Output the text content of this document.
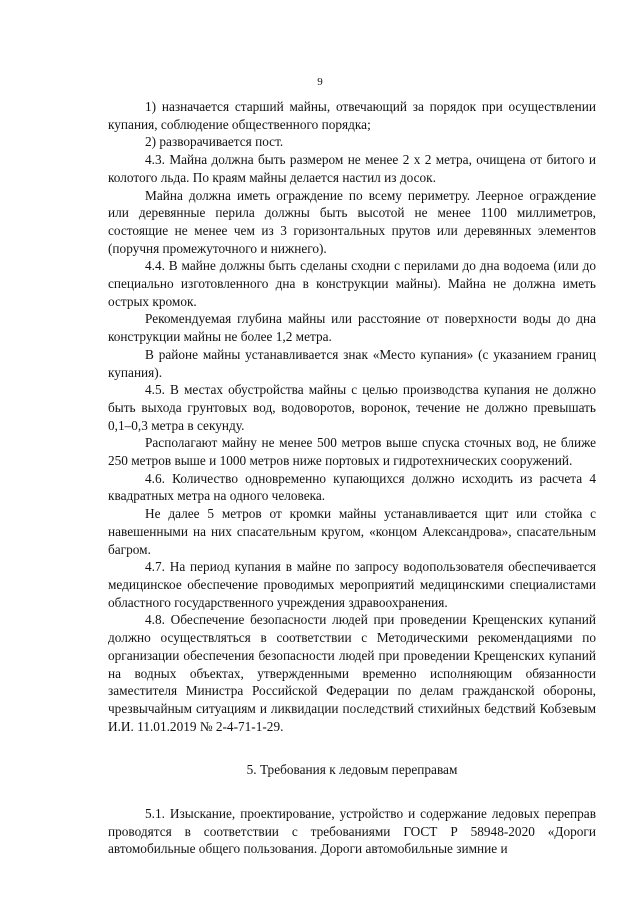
9

1) назначается старший майны, отвечающий за порядок при осуществлении купания, соблюдение общественного порядка;

2) разворачивается пост.

4.3. Майна должна быть размером не менее 2 х 2 метра, очищена от битого и колотого льда. По краям майны делается настил из досок.

Майна должна иметь ограждение по всему периметру. Леерное ограждение или деревянные перила должны быть высотой не менее 1100 миллиметров, состоящие не менее чем из 3 горизонтальных прутов или деревянных элементов (поручня промежуточного и нижнего).

4.4. В майне должны быть сделаны сходни с перилами до дна водоема (или до специально изготовленного дна в конструкции майны). Майна не должна иметь острых кромок.

Рекомендуемая глубина майны или расстояние от поверхности воды до дна конструкции майны не более 1,2 метра.

В районе майны устанавливается знак «Место купания» (с указанием границ купания).

4.5. В местах обустройства майны с целью производства купания не должно быть выхода грунтовых вод, водоворотов, воронок, течение не должно превышать 0,1–0,3 метра в секунду.

Располагают майну не менее 500 метров выше спуска сточных вод, не ближе 250 метров выше и 1000 метров ниже портовых и гидротехнических сооружений.

4.6. Количество одновременно купающихся должно исходить из расчета 4 квадратных метра на одного человека.

Не далее 5 метров от кромки майны устанавливается щит или стойка с навешенными на них спасательным кругом, «концом Александрова», спасательным багром.

4.7. На период купания в майне по запросу водопользователя обеспечивается медицинское обеспечение проводимых мероприятий медицинскими специалистами областного государственного учреждения здравоохранения.

4.8. Обеспечение безопасности людей при проведении Крещенских купаний должно осуществляться в соответствии с Методическими рекомендациями по организации обеспечения безопасности людей при проведении Крещенских купаний на водных объектах, утвержденными временно исполняющим обязанности заместителя Министра Российской Федерации по делам гражданской обороны, чрезвычайным ситуациям и ликвидации последствий стихийных бедствий Кобзевым И.И. 11.01.2019 № 2-4-71-1-29.

5. Требования к ледовым переправам

5.1. Изыскание, проектирование, устройство и содержание ледовых переправ проводятся в соответствии с требованиями ГОСТ Р 58948-2020 «Дороги автомобильные общего пользования. Дороги автомобильные зимние и
